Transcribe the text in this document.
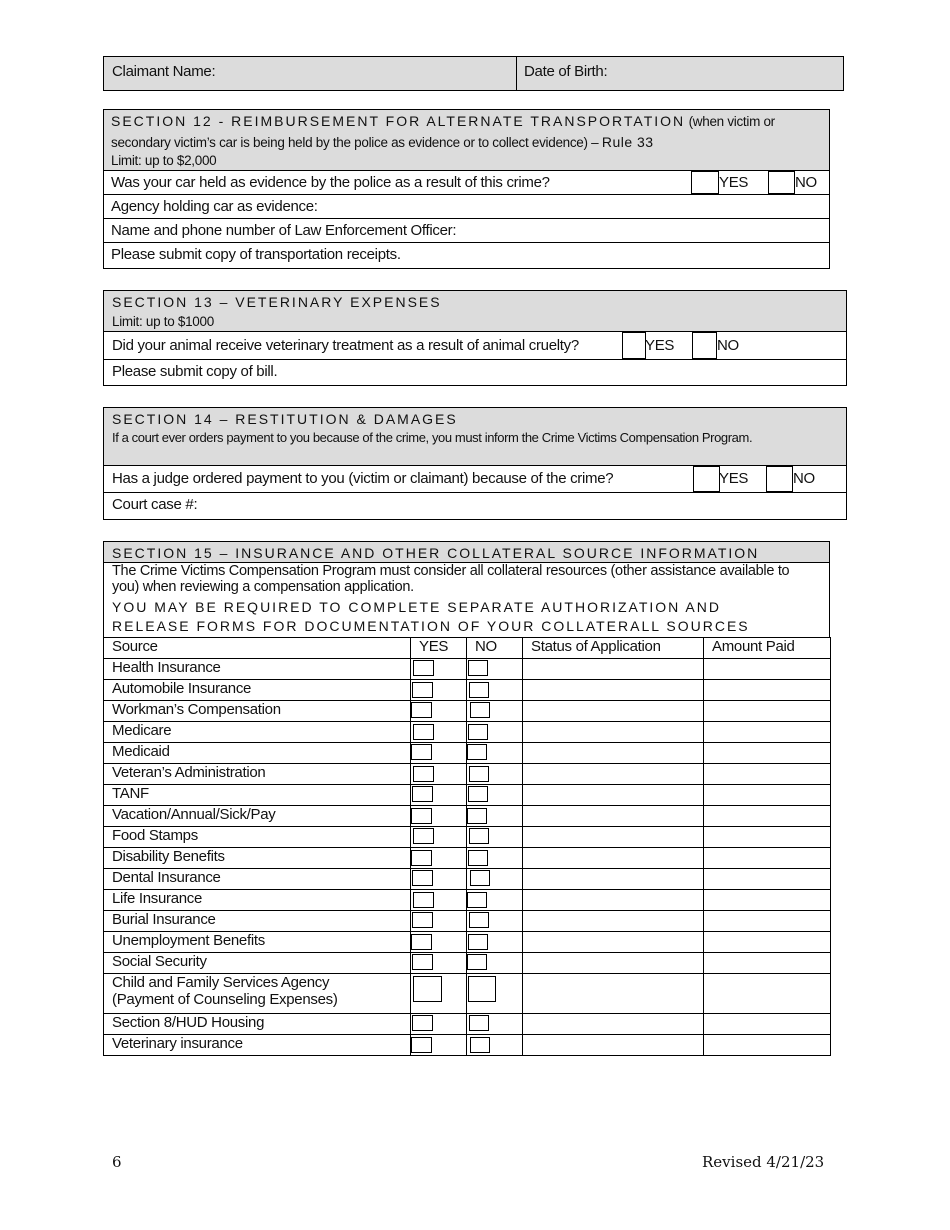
Claimant Name:	Date of Birth:
SECTION 12 - REIMBURSEMENT FOR ALTERNATE TRANSPORTATION (when victim or secondary victim’s car is being held by the police as evidence or to collect evidence) – Rule 33
Limit: up to $2,000
Was your car held as evidence by the police as a result of this crime?	YES	NO
Agency holding car as evidence:
Name and phone number of Law Enforcement Officer:
Please submit copy of transportation receipts.
SECTION 13 – VETERINARY EXPENSES
Limit: up to $1000
Did your animal receive veterinary treatment as a result of animal cruelty?	YES	NO
Please submit copy of bill.
SECTION 14 – RESTITUTION & DAMAGES
If a court ever orders payment to you because of the crime, you must inform the Crime Victims Compensation Program.
Has a judge ordered payment to you (victim or claimant) because of the crime?	YES	NO
Court case #:
SECTION 15 – INSURANCE AND OTHER COLLATERAL SOURCE INFORMATION
The Crime Victims Compensation Program must consider all collateral resources (other assistance available to you) when reviewing a compensation application.
YOU MAY BE REQUIRED TO COMPLETE SEPARATE AUTHORIZATION AND RELEASE FORMS FOR DOCUMENTATION OF YOUR COLLATERALL SOURCES
Source	YES	NO	Status of Application	Amount Paid
Health Insurance	

Automobile Insurance	

Workman’s Compensation	

Medicare	

Medicaid	

Veteran’s Administration	

TANF	

Vacation/Annual/Sick/Pay	

Food Stamps	

Disability Benefits	

Dental Insurance	

Life Insurance	

Burial Insurance	

Unemployment Benefits	

Social Security	

Child and Family Services Agency
(Payment of Counseling Expenses)	

Section 8/HUD Housing	

Veterinary insurance	

6	Revised 4/21/23
